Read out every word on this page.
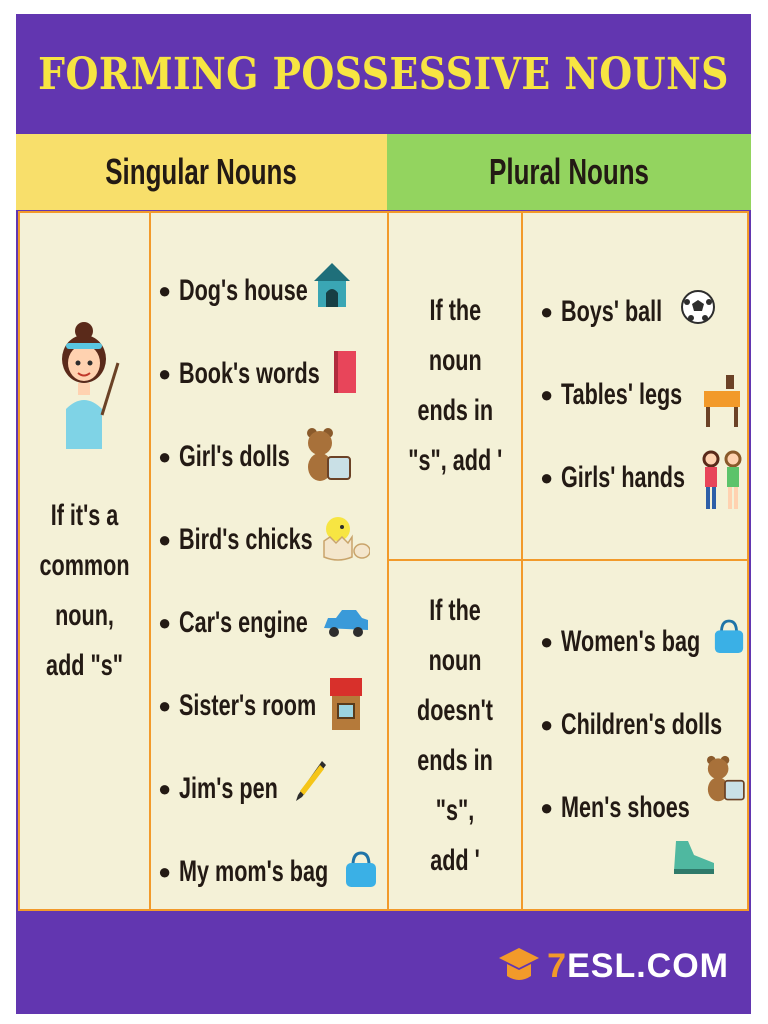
FORMING POSSESSIVE NOUNS
Singular Nouns	Plural Nouns
If it's a
common
noun,
add "s"
If the
noun
ends in
"s", add '
If the
noun doesn't
ends in "s",
add '
● Dog's house
● Book's words
● Girl's dolls
● Bird's chicks
● Car's engine
● Sister's room
● Jim's pen
● My mom's bag
● Boys' ball
● Tables' legs
● Girls' hands
● Women's bag
● Children's dolls
● Men's shoes
7 ESL.COM
